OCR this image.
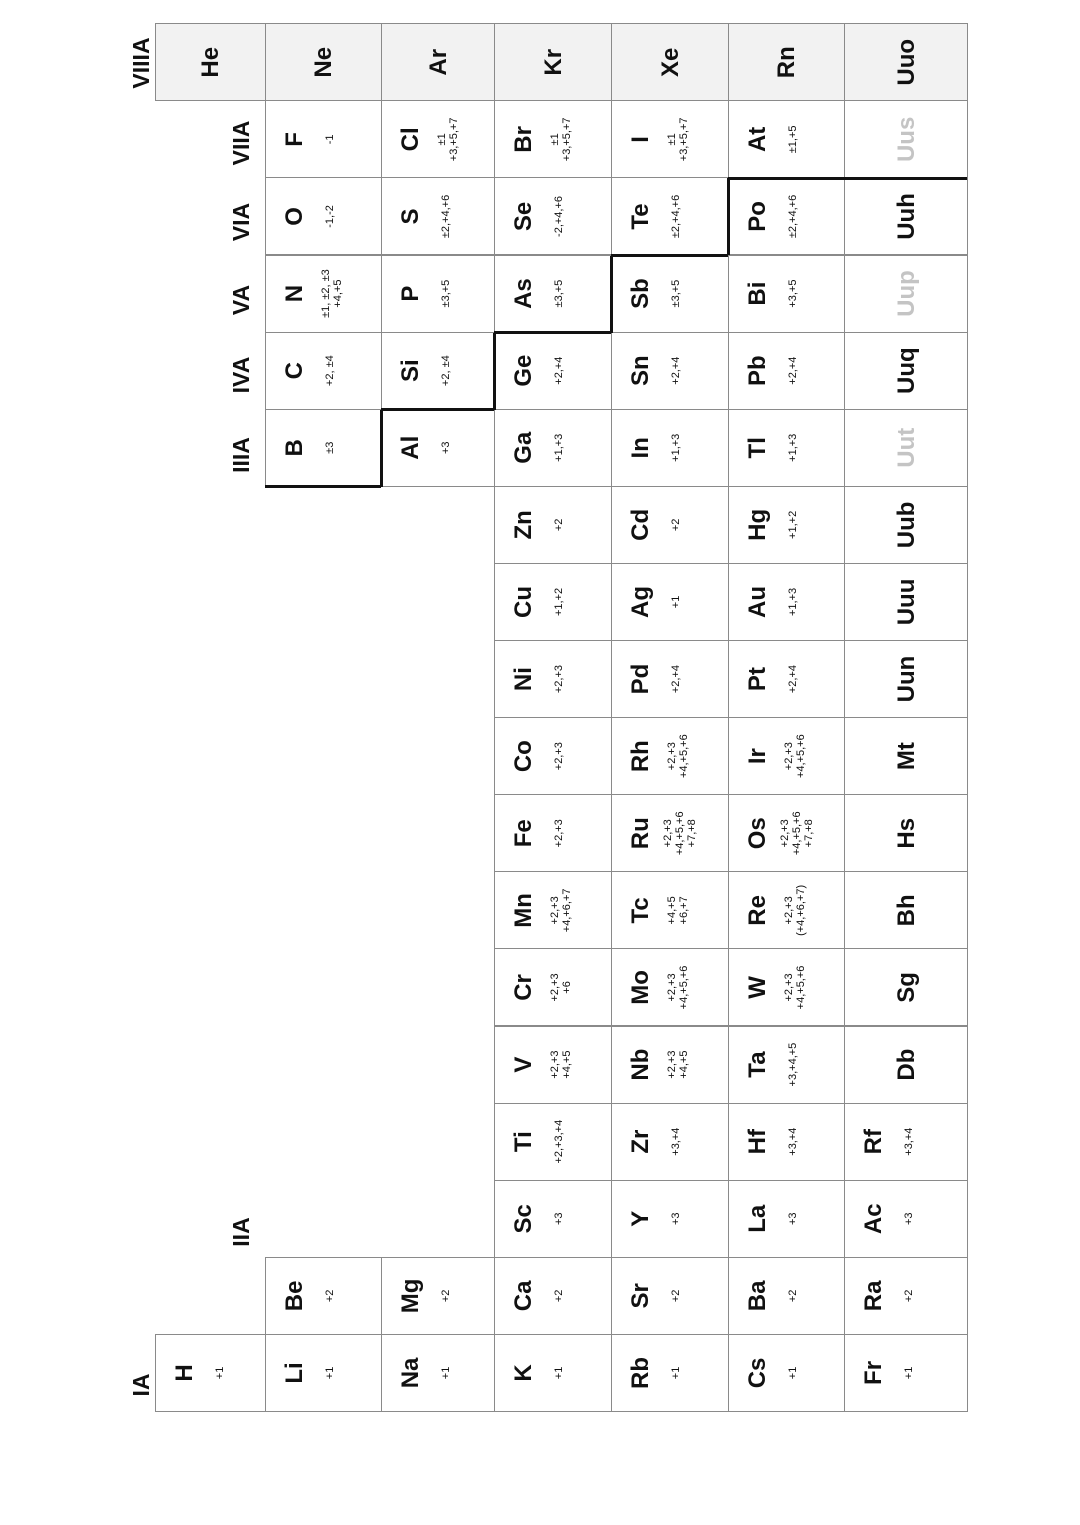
IA
IIA
IIIA
IVA
VA
VIA
VIIA
VIIIA
H +1
He
Li +1
Be +2
B ±3
C +2, ±4
N
±1, ±2, ±3
+4,+5
O -1,-2
F -1
Ne
Na +1
Mg +2
Al +3
Si +2, ±4
P ±3,+5
S ±2,+4,+6
Cl ±1
+3,+5,+7
Ar
K +1
Ca +2
Sc +3
Ti +2,+3,+4
V +2,+3
+4,+5
Cr +2,+3
+6
Mn +2,+3
+4,+6,+7
Fe +2,+3
Co +2,+3
Ni +2,+3
Cu +1,+2
Zn +2
Ga +1,+3
Ge +2,+4
As ±3,+5
Se -2,+4,+6
Br ±1
+3,+5,+7
Kr
Rb +1
Sr +2
Y +3
Zr +3,+4
Nb +2,+3
+4,+5
Mo +2,+3
+4,+5,+6
Tc +4,+5
+6,+7
Ru +2,+3
+4,+5,+6
+7,+8
Rh +2,+3
+4,+5,+6
Pd +2,+4
Ag +1
Cd +2
In +1,+3
Sn +2,+4
Sb ±3,+5
Te ±2,+4,+6
I ±1
+3,+5,+7
Xe
Cs +1
Ba +2
La +3
Hf +3,+4
Ta +3,+4,+5
W +2,+3
+4,+5,+6
Re +2,+3
(+4,+6,+7)
Os +2,+3
+4,+5,+6
+7,+8
Ir +2,+3
+4,+5,+6
Pt +2,+4
Au +1,+3
Hg +1,+2
Tl +1,+3
Pb +2,+4
Bi +3,+5
Po ±2,+4,+6
At ±1,+5
Rn
Fr +1
Ra +2
Ac +3
Rf +3,+4
Db
Sg
Bh
Hs
Mt
Uun
Uuu
Uub
Uut
Uuq
Uup
Uuh
Uus
Uuo
